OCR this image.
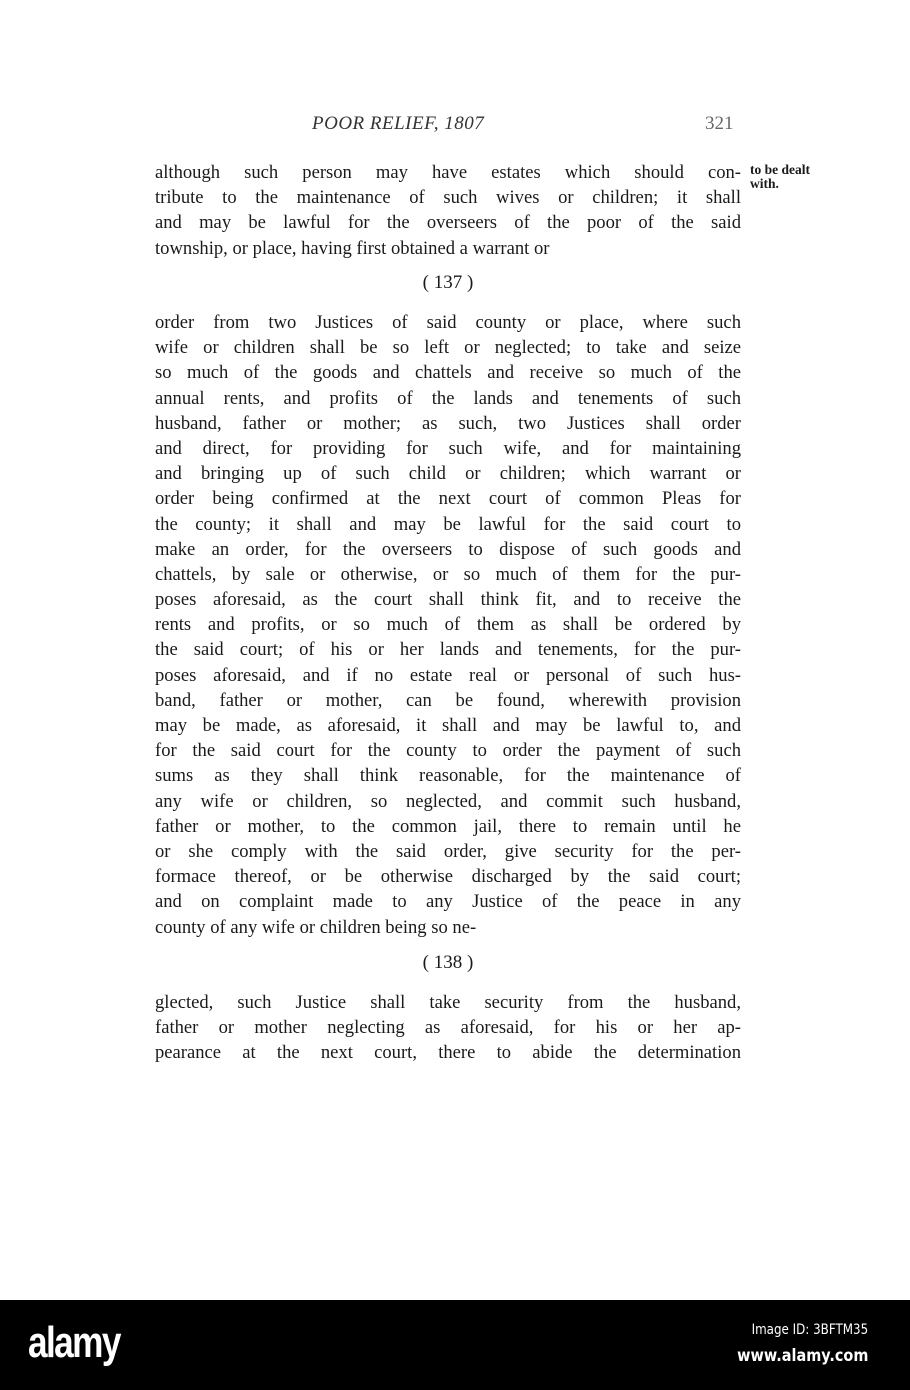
POOR RELIEF, 1807	321
to be dealt
with.
although such person may have estates which should con-
tribute to the maintenance of such wives or children; it shall
and may be lawful for the overseers of the poor of the said
township, or place, having first obtained a warrant or
( 137 )
order from two Justices of said county or place, where such
wife or children shall be so left or neglected; to take and seize
so much of the goods and chattels and receive so much of the
annual rents, and profits of the lands and tenements of such
husband, father or mother; as such, two Justices shall order
and direct, for providing for such wife, and for maintaining
and bringing up of such child or children; which warrant or
order being confirmed at the next court of common Pleas for
the county; it shall and may be lawful for the said court to
make an order, for the overseers to dispose of such goods and
chattels, by sale or otherwise, or so much of them for the pur-
poses aforesaid, as the court shall think fit, and to receive the
rents and profits, or so much of them as shall be ordered by
the said court; of his or her lands and tenements, for the pur-
poses aforesaid, and if no estate real or personal of such hus-
band, father or mother, can be found, wherewith provision
may be made, as aforesaid, it shall and may be lawful to, and
for the said court for the county to order the payment of such
sums as they shall think reasonable, for the maintenance of
any wife or children, so neglected, and commit such husband,
father or mother, to the common jail, there to remain until he
or she comply with the said order, give security for the per-
formace thereof, or be otherwise discharged by the said court;
and on complaint made to any Justice of the peace in any
county of any wife or children being so ne-
( 138 )
glected, such Justice shall take security from the husband,
father or mother neglecting as aforesaid, for his or her ap-
pearance at the next court, there to abide the determination
alamy	Image ID: 3BFTM35
www.alamy.com
